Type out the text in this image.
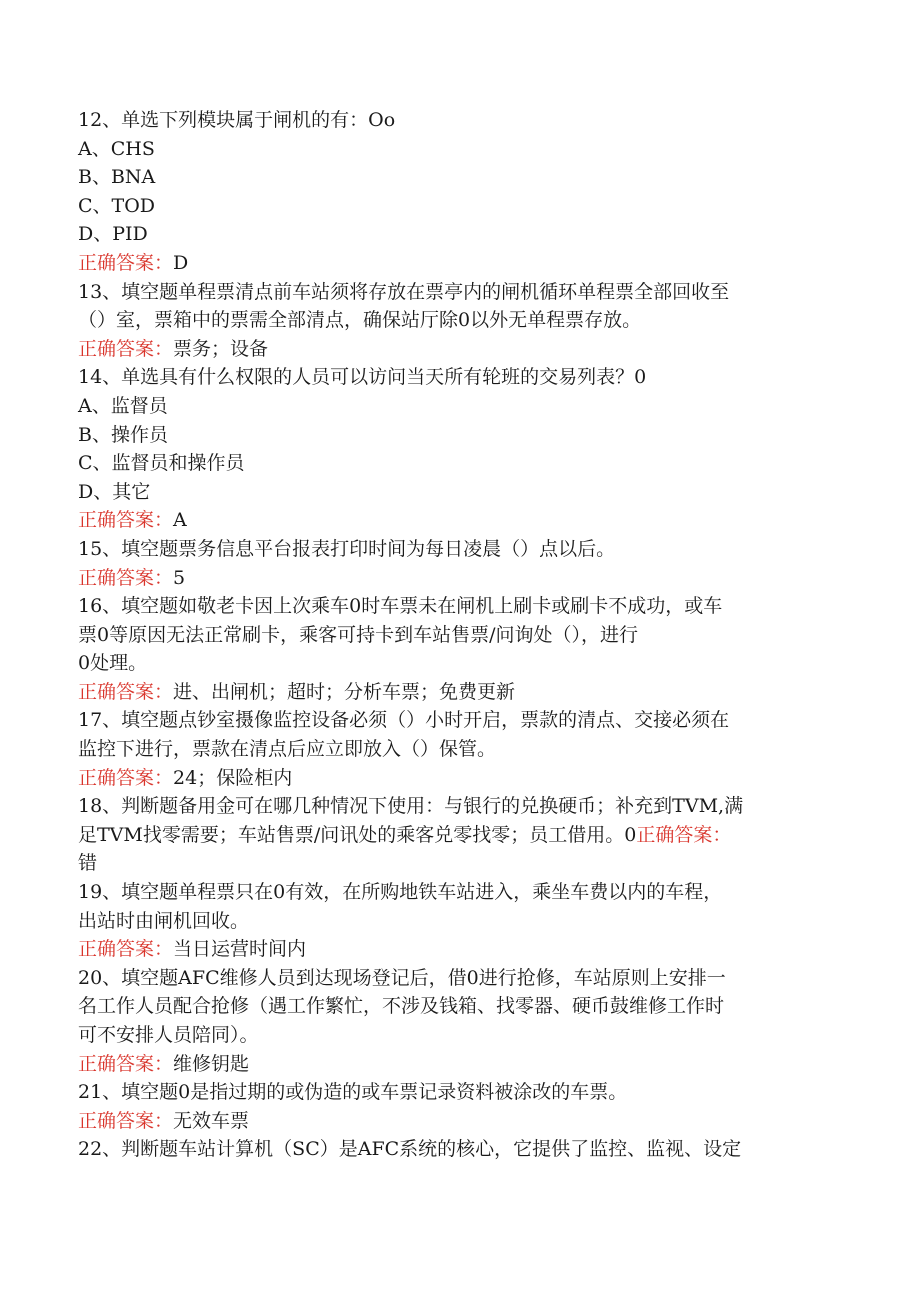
12、单选下列模块属于闸机的有：Oo
A、CHS
B、BNA
C、TOD
D、PID
正确答案：D
13、填空题单程票清点前车站须将存放在票亭内的闸机循环单程票全部回收至
（）室，票箱中的票需全部清点，确保站厅除0以外无单程票存放。
正确答案：票务；设备
14、单选具有什么权限的人员可以访问当天所有轮班的交易列表？0
A、监督员
B、操作员
C、监督员和操作员
D、其它
正确答案：A
15、填空题票务信息平台报表打印时间为每日凌晨（）点以后。
正确答案：5
16、填空题如敬老卡因上次乘车0时车票未在闸机上刷卡或刷卡不成功，或车
票0等原因无法正常刷卡，乘客可持卡到车站售票/问询处（），进行
0处理。
正确答案：进、出闸机；超时；分析车票；免费更新
17、填空题点钞室摄像监控设备必须（）小时开启，票款的清点、交接必须在
监控下进行，票款在清点后应立即放入（）保管。
正确答案：24；保险柜内
18、判断题备用金可在哪几种情况下使用：与银行的兑换硬币；补充到TVM,满
足TVM找零需要；车站售票/问讯处的乘客兑零找零；员工借用。0正确答案：
错
19、填空题单程票只在0有效，在所购地铁车站进入，乘坐车费以内的车程，
出站时由闸机回收。
正确答案：当日运营时间内
20、填空题AFC维修人员到达现场登记后，借0进行抢修，车站原则上安排一
名工作人员配合抢修（遇工作繁忙，不涉及钱箱、找零器、硬币鼓维修工作时
可不安排人员陪同）。
正确答案：维修钥匙
21、填空题0是指过期的或伪造的或车票记录资料被涂改的车票。
正确答案：无效车票
22、判断题车站计算机（SC）是AFC系统的核心，它提供了监控、监视、设定
